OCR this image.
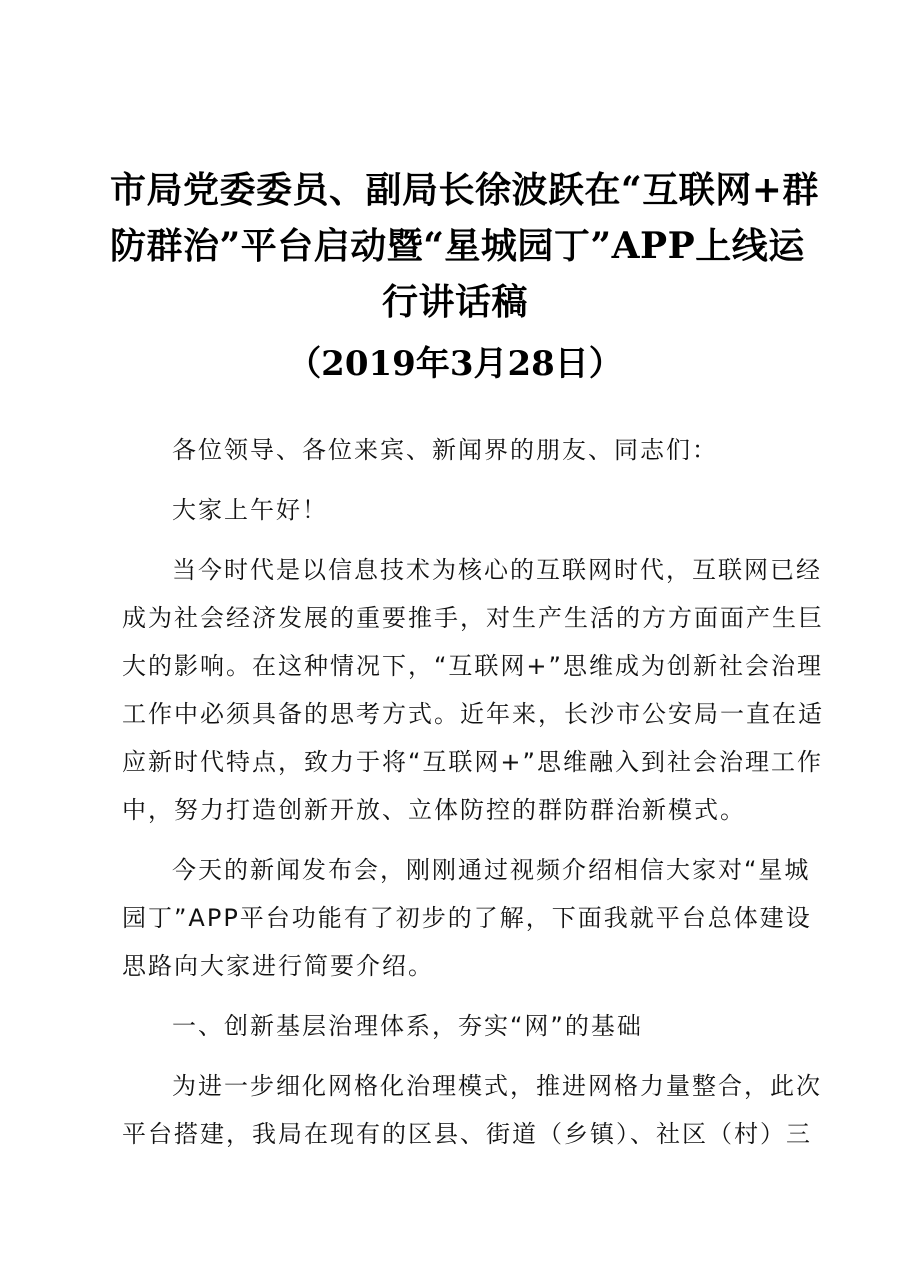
市局党委委员、副局长徐波跃在“互联网+群
防群治”平台启动暨“星城园丁”APP上线运
行讲话稿
（2019年3月28日）
各位领导、各位来宾、新闻界的朋友、同志们：
大家上午好！
当今时代是以信息技术为核心的互联网时代，互联网已经
成为社会经济发展的重要推手，对生产生活的方方面面产生巨
大的影响。在这种情况下，“互联网+”思维成为创新社会治理
工作中必须具备的思考方式。近年来，长沙市公安局一直在适
应新时代特点，致力于将“互联网+”思维融入到社会治理工作
中，努力打造创新开放、立体防控的群防群治新模式。
今天的新闻发布会，刚刚通过视频介绍相信大家对“星城
园丁”APP平台功能有了初步的了解，下面我就平台总体建设
思路向大家进行简要介绍。
一、创新基层治理体系，夯实“网”的基础
为进一步细化网格化治理模式，推进网格力量整合，此次
平台搭建，我局在现有的区县、街道（乡镇）、社区（村）三
